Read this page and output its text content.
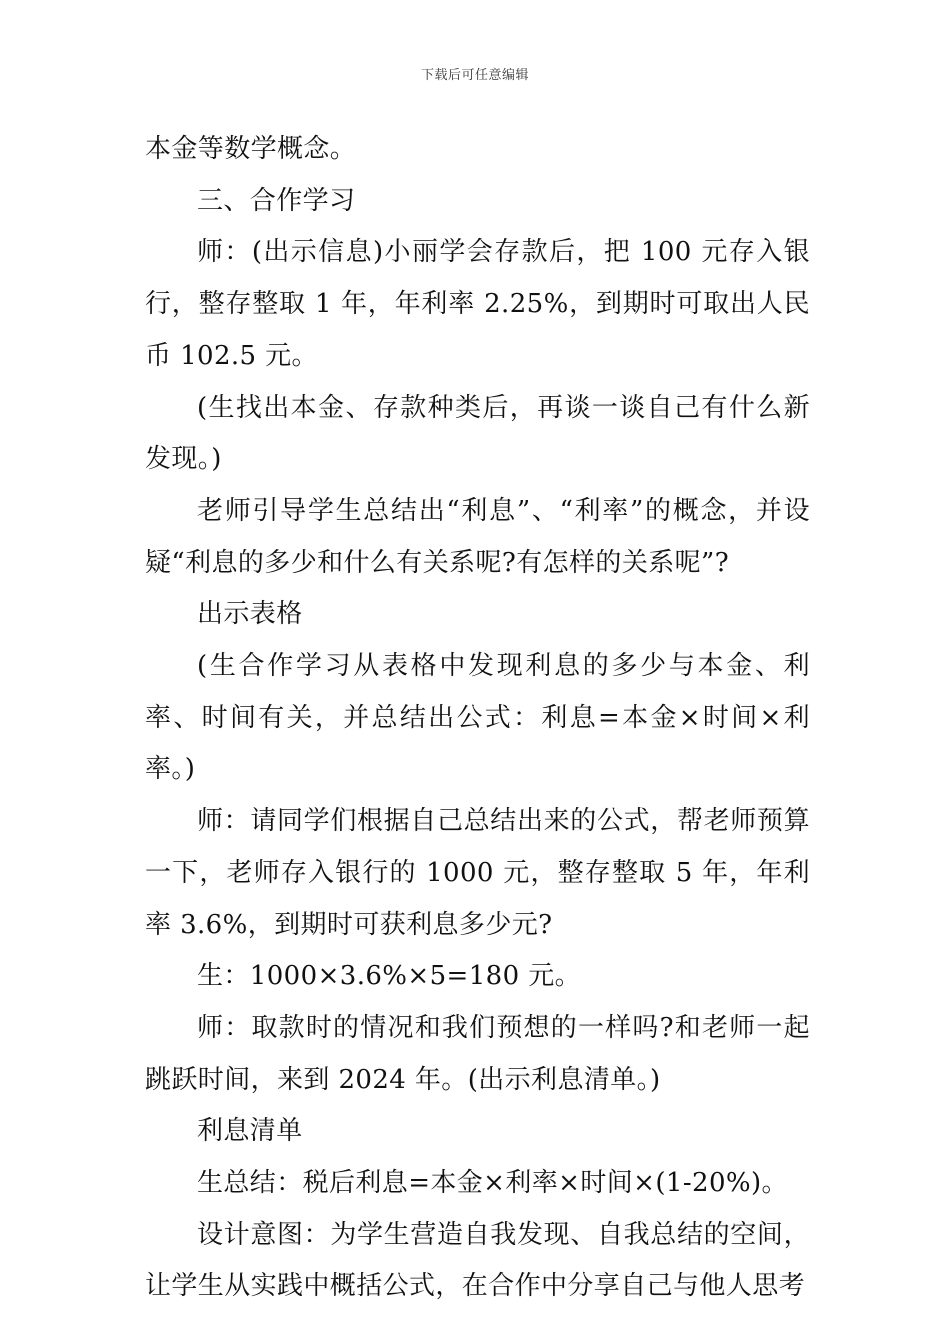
下载后可任意编辑

本金等数学概念。

三、合作学习

师：(出示信息)小丽学会存款后，把 100 元存入银行，整存整取 1 年，年利率 2.25%，到期时可取出人民币 102.5 元。

(生找出本金、存款种类后，再谈一谈自己有什么新发现。)

老师引导学生总结出“利息”、“利率”的概念，并设疑“利息的多少和什么有关系呢?有怎样的关系呢”?

出示表格

(生合作学习从表格中发现利息的多少与本金、利率、时间有关，并总结出公式：利息=本金×时间×利率。)

师：请同学们根据自己总结出来的公式，帮老师预算一下，老师存入银行的 1000 元，整存整取 5 年，年利率 3.6%，到期时可获利息多少元?

生：1000×3.6%×5=180 元。

师：取款时的情况和我们预想的一样吗?和老师一起跳跃时间，来到 2024 年。(出示利息清单。)

利息清单

生总结：税后利息=本金×利率×时间×(1-20%)。

设计意图：为学生营造自我发现、自我总结的空间，让学生从实践中概括公式，在合作中分享自己与他人思考
